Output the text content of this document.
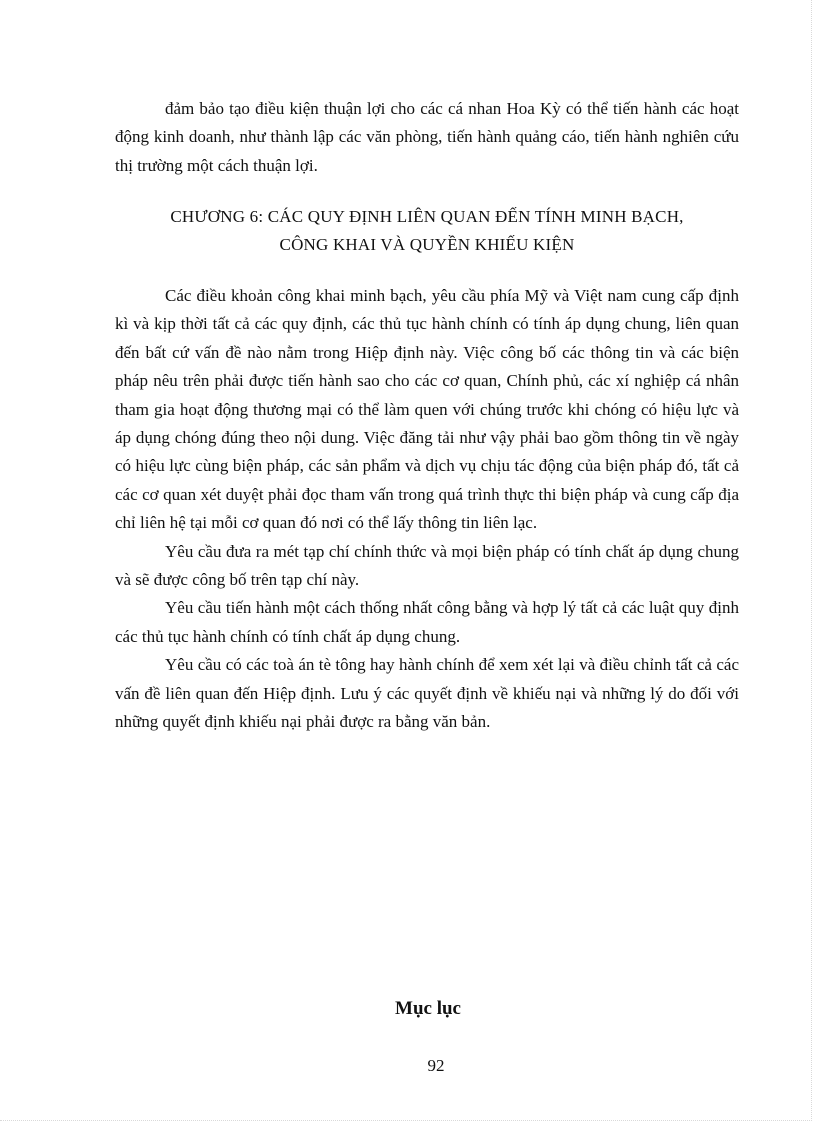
đảm bảo tạo điều kiện thuận lợi cho các cá nhan Hoa Kỳ có thể tiến hành các hoạt động kinh doanh, như thành lập các văn phòng, tiến hành quảng cáo, tiến hành nghiên cứu thị trường một cách thuận lợi.

CHƯƠNG 6: CÁC QUY ĐỊNH LIÊN QUAN ĐẾN TÍNH MINH BẠCH,
CÔNG KHAI VÀ QUYỀN KHIẾU KIỆN

Các điều khoản công khai minh bạch, yêu cầu phía Mỹ và Việt nam cung cấp định kì và kịp thời tất cả các quy định, các thủ tục hành chính có tính áp dụng chung, liên quan đến bất cứ vấn đề nào nằm trong Hiệp định này. Việc công bố các thông tin và các biện pháp nêu trên phải được tiến hành sao cho các cơ quan, Chính phủ, các xí nghiệp cá nhân tham gia hoạt động thương mại có thể làm quen với chúng trước khi chóng có hiệu lực và áp dụng chóng đúng theo nội dung. Việc đăng tải như vậy phải bao gồm thông tin về ngày có hiệu lực cùng biện pháp, các sản phẩm và dịch vụ chịu tác động của biện pháp đó, tất cả các cơ quan xét duyệt phải đọc tham vấn trong quá trình thực thi biện pháp và cung cấp địa chỉ liên hệ tại mỗi cơ quan đó nơi có thể lấy thông tin liên lạc.

Yêu cầu đưa ra mét tạp chí chính thức và mọi biện pháp có tính chất áp dụng chung và sẽ được công bố trên tạp chí này.

Yêu cầu tiến hành một cách thống nhất công bằng và hợp lý tất cả các luật quy định các thủ tục hành chính có tính chất áp dụng chung.

Yêu cầu có các toà án tè tông hay hành chính để xem xét lại và điều chỉnh tất cả các vấn đề liên quan đến Hiệp định. Lưu ý các quyết định về khiếu nại và những lý do đối với những quyết định khiếu nại phải được ra bằng văn bản.

Mục lục

92
